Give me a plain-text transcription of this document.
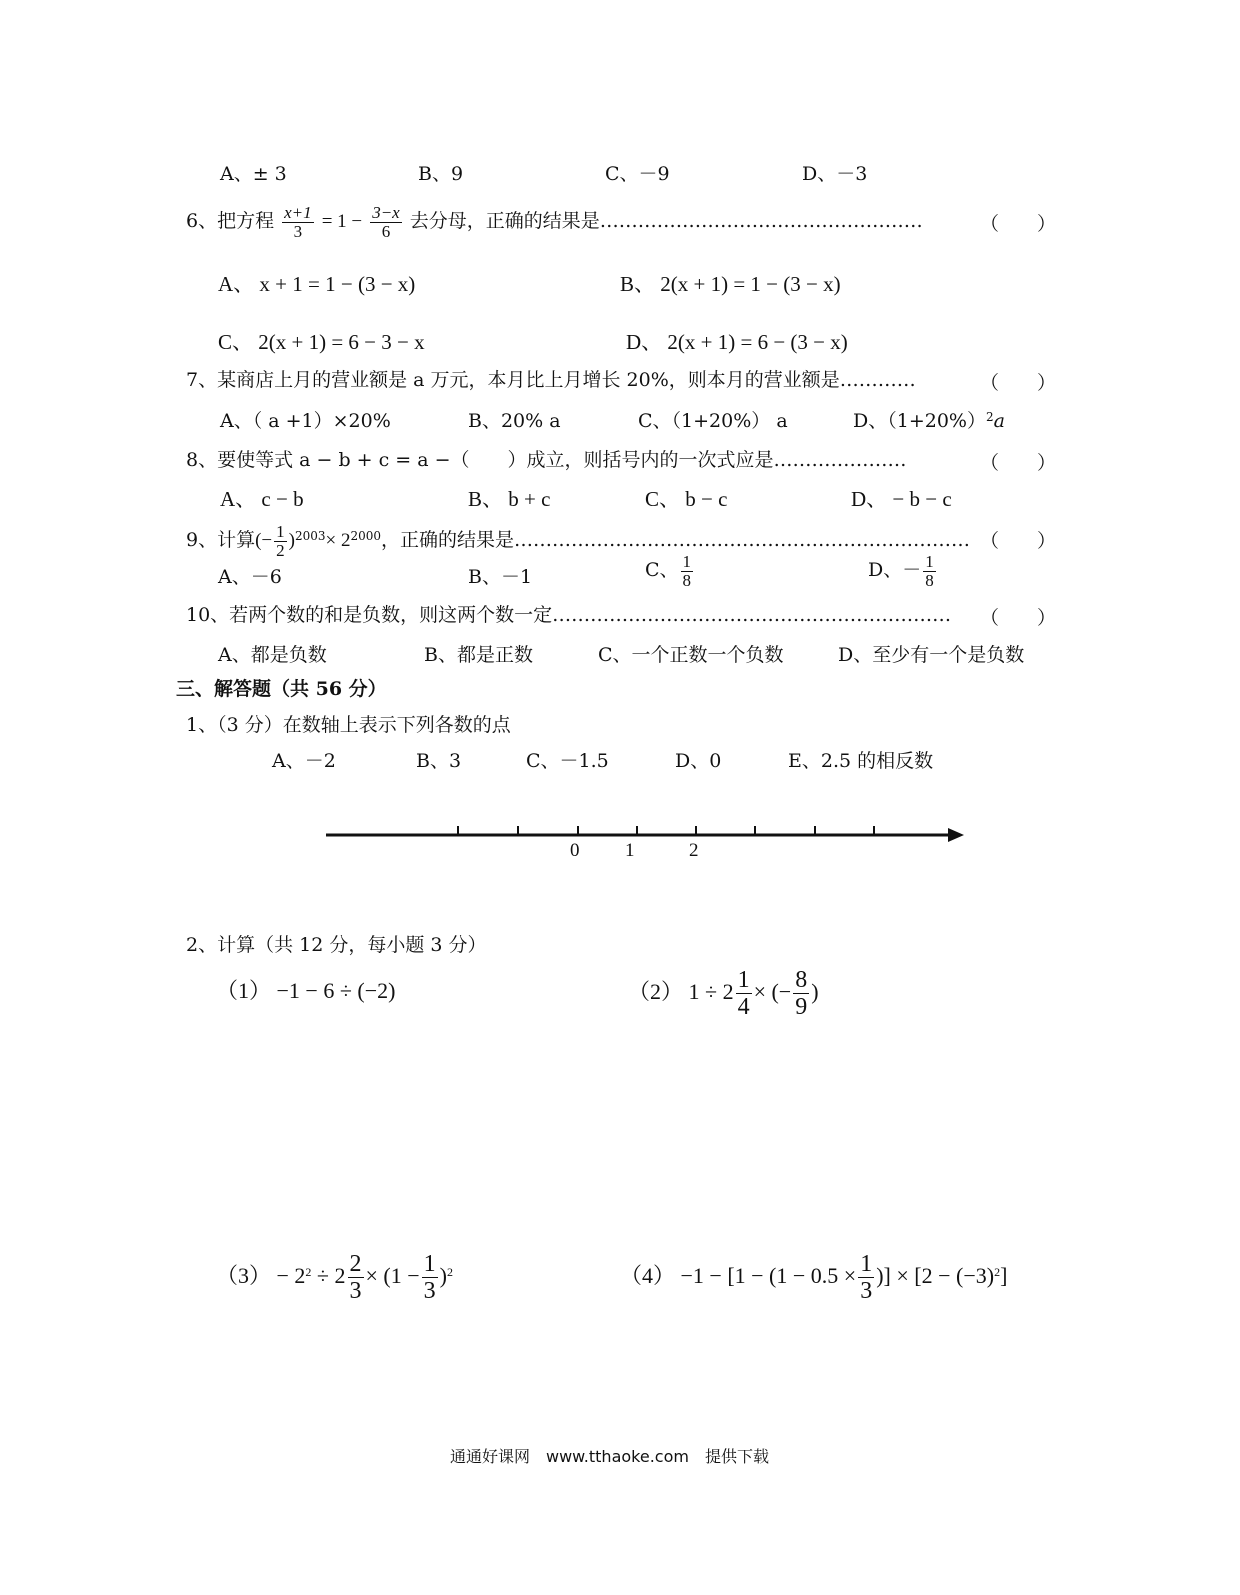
A、± 3	B、9	C、－9	D、－3
6、把方程 $\frac{x+1}{3} = 1 - \frac{3-x}{6}$ 去分母，正确的结果是……………………………………………	（　　）
A、 x + 1 = 1 − (3 − x)	B、 2(x + 1) = 1 − (3 − x)
C、 2(x + 1) = 6 − 3 − x	D、 2(x + 1) = 6 − (3 − x)
7、某商店上月的营业额是 a 万元，本月比上月增长 20%，则本月的营业额是…………	（　　）
A、（ a +1）×20%	B、20% a	C、（1+20%） a	D、$(1+20\%)^2a$
8、要使等式 a − b + c = a −（　　）成立，则括号内的一次式应是…………………	（　　）
A、 c − b	B、 b + c	C、 b − c	D、 − b − c
9、计算(− $\frac{1}{2} )^{2003}\times 2^{2000}$，正确的结果是……………………………………………………………… （　　）
A、－6	B、－1	C、 $\frac{1}{8}$	D、－ $\frac{1}{8}$
10、若两个数的和是负数，则这两个数一定……………………………………………………… （　　）
A、都是负数	B、都是正数	C、一个正数一个负数	D、至少有一个是负数
三、解答题（共 56 分）
1、（3 分）在数轴上表示下列各数的点
A、－2	B、3	C、－1.5	D、0	E、2.5 的相反数
0 1	2
2、计算（共 12 分，每小题 3 分）
（1） −1 − 6 ÷ (−2)	（2） $1 \div 2 \frac{1}{4}$ × (− $\frac{8}{9}$ )
$(3) - 2^2 \div 2 \frac{2}{3} \times (1 - \frac{1}{3} )^2$	$(4) -1 - [1 - (1 - 0.5 \times \frac{1}{3}$ )] × $[2 - (-3)^2]$
通通好课网　www.tthaoke.com　提供下载
